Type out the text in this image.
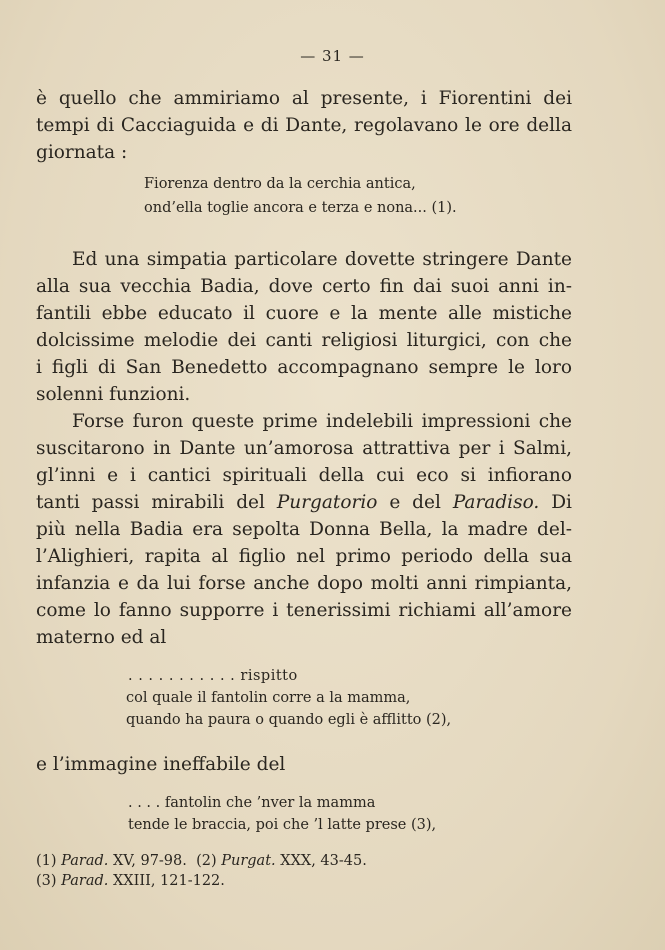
— 31 —
è quello che ammiriamo al presente, i Fiorentini dei
tempi di Cacciaguida e di Dante, regolavano le ore della
giornata :
Fiorenza dentro da la cerchia antica,
ond’ella toglie ancora e terza e nona... (1).
Ed una simpatia particolare dovette stringere Dante
alla sua vecchia Badia, dove certo fin dai suoi anni in-
fantili ebbe educato il cuore e la mente alle mistiche
dolcissime melodie dei canti religiosi liturgici, con che
i figli di San Benedetto accompagnano sempre le loro
solenni funzioni.
Forse furon queste prime indelebili impressioni che
suscitarono in Dante un’amorosa attrattiva per i Salmi,
gl’inni e i cantici spirituali della cui eco si infiorano
tanti passi mirabili del Purgatorio e del Paradiso. Di
più nella Badia era sepolta Donna Bella, la madre del-
l’Alighieri, rapita al figlio nel primo periodo della sua
infanzia e da lui forse anche dopo molti anni rimpianta,
come lo fanno supporre i tenerissimi richiami all’amore
materno ed al
. . . . . . . . . . . rispitto
col quale il fantolin corre a la mamma,
quando ha paura o quando egli è afflitto (2),
e l’immagine ineffabile del
. . . . fantolin che ’nver la mamma
tende le braccia, poi che ’l latte prese (3),
(1) Parad. XV, 97-98. (2) Purgat. XXX, 43-45.
(3) Parad. XXIII, 121-122.
